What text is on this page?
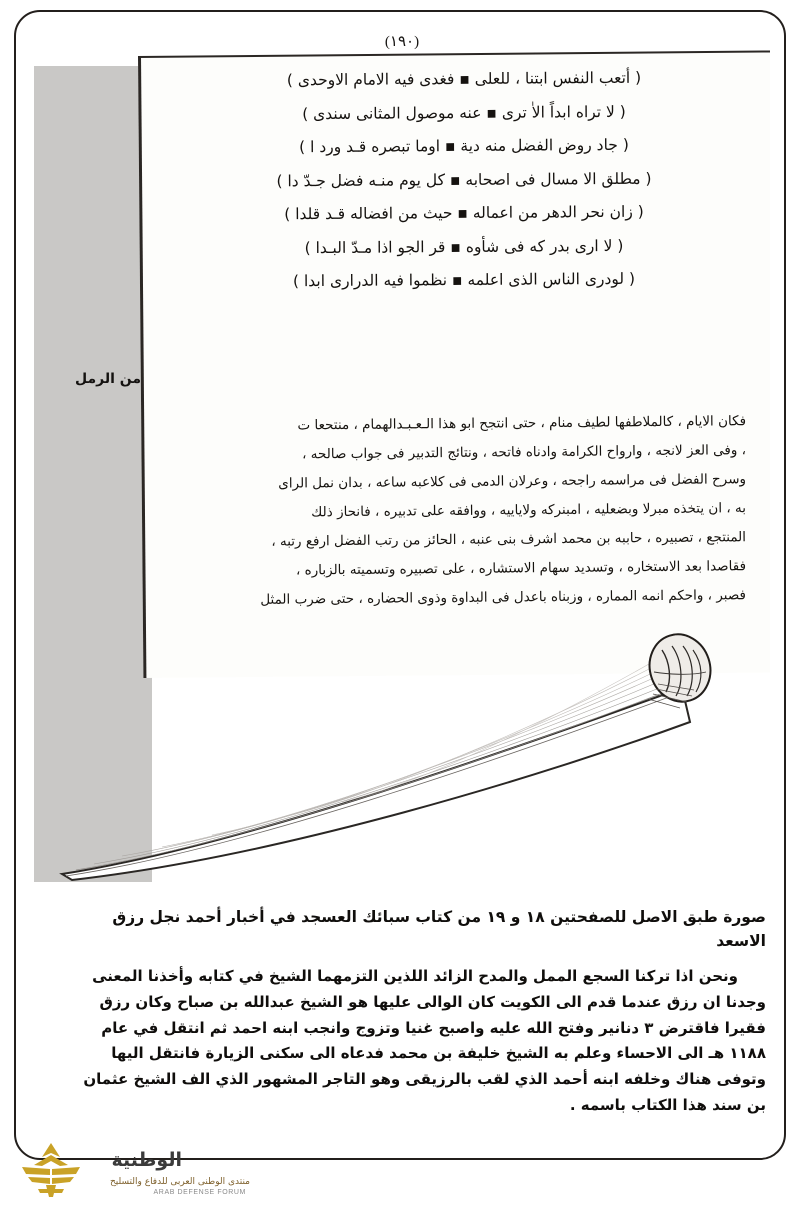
(١٩٠)
( أتعب النفس ابتنا ، للعلى ▪ فغدى فيه الامام الاوحدى )
( لا تراه ابداً الاٰ ترى ▪ عنه موصول المثانى سندى )
( جاد روض الفضل منه دية ▪ اوما تبصره قـد ورد ا )
( مطلق الا مسال فى اصحابه ▪ كل يوم منـه فضل جـدّ دا )
( زان نحر الدهر من اعماله ▪ حيث من افضاله قـد قلدا )
( لا ارى بدر كه فى شأوه ▪ قر الجو اذا مـدّ البـدا )
( لودرى الناس الذى اعلمه ▪ نظموا فيه الدرارى ابدا )
من الرمل
فكان الايام ، كالملاطفها لطيف منام ، حتى انتجح ابو هذا الـعـبـدالهمام ، منتحعا ت
، وفى العز لانجه ، وارواح الكرامة وادناه فاتحه ، ونتائج التدبير فى جواب صالحه ،
وسرح الفضل فى مراسمه راجحه ، وعرلان الدمى فى كلاعبه ساعه ، بدان نمل الراى
به ، ان يتخذه مبرلا وبضعليه ، امبنركه ولاياييه ، ووافقه على تدبيره ، فانحاز ذلك
المنتجع ، تصبيره ، حاببه بن محمد اشرف بنى عنبه ، الحائز من رتب الفضل ارفع رتبه ،
فقاصدا بعد الاستخاره ، وتسديد سهام الاستشاره ، على تصبيره وتسميته بالزباره ،
فصبر ، واحكم انمه المماره ، وزبناه باعدل فى البداوة وذوى الحضاره ، حتى ضرب المثل
صورة طبق الاصل للصفحتين ١٨ و ١٩ من كتاب سبائك العسجد في أخبار أحمد نجل رزق الاسعد

ونحن اذا تركنا السجع الممل والمدح الزائد اللذين التزمهما الشيخ في كتابه وأخذنا المعنى وجدنا ان رزق عندما قدم الى الكويت كان الوالى عليها هو الشيخ عبدالله بن صباح وكان رزق فقيرا فاقترض ٣ دنانير وفتح الله عليه واصبح غنيا وتزوج وانجب ابنه احمد ثم انتقل في عام ١١٨٨ هـ الى الاحساء وعلم به الشيخ خليفة بن محمد فدعاه الى سكنى الزيارة فانتقل اليها وتوفى هناك وخلفه ابنه أحمد الذي لقب بالرزيقى وهو التاجر المشهور الذي الف الشيخ عثمان بن سند هذا الكتاب باسمه .

الوطنية
منتدى الوطنى العربى للدفاع والتسليح
ARAB DEFENSE FORUM
